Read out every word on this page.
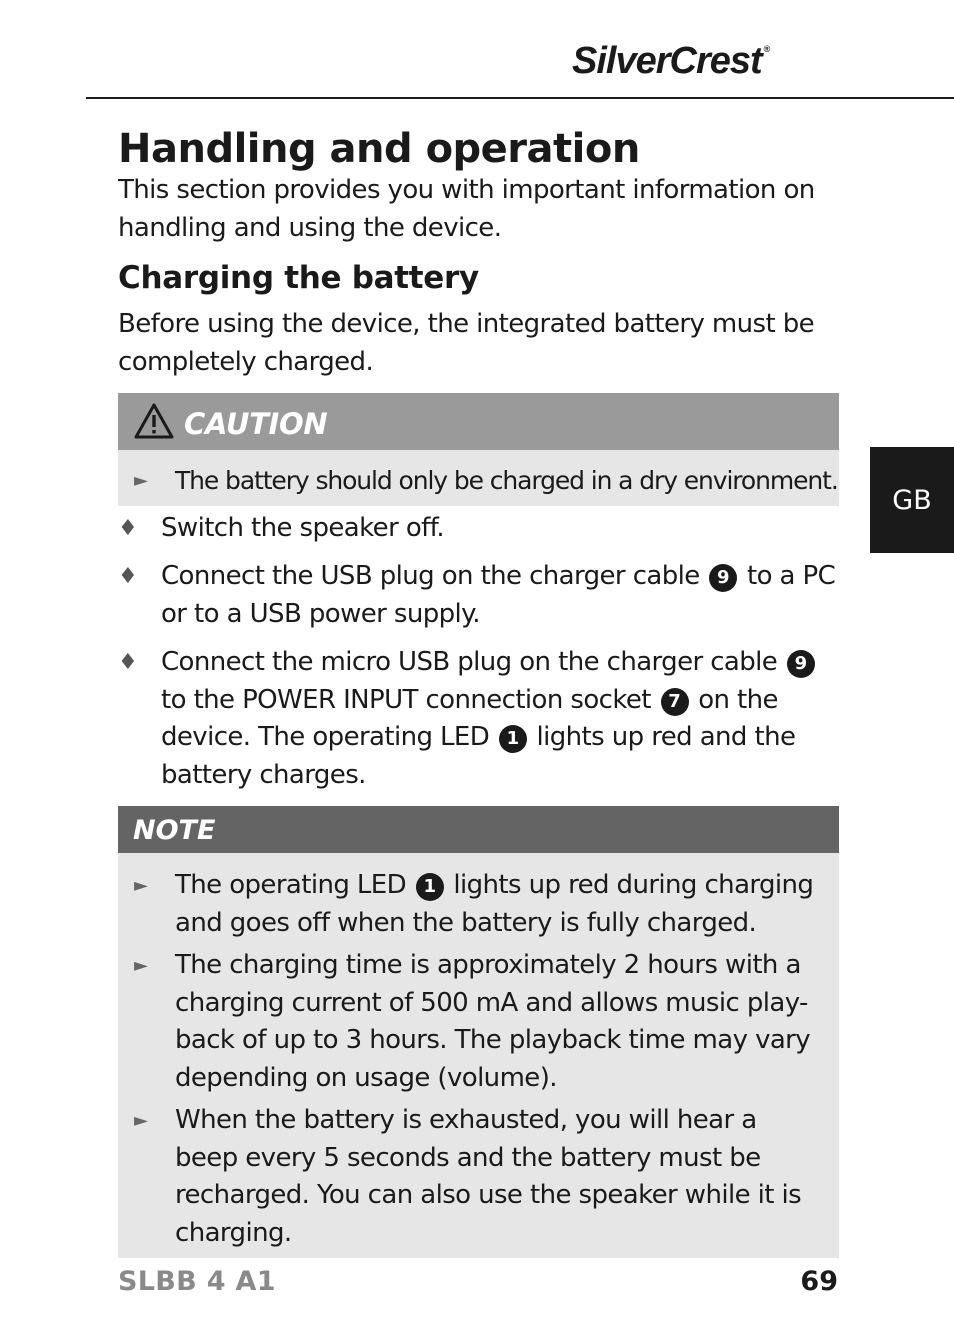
SilverCrest ®
GB
Handling and operation

This section provides you with important information on handling and using the device.

Charging the battery

Before using the device, the integrated battery must be completely charged.

CAUTION
► The battery should only be charged in a dry environment.
♦ Switch the speaker off.
♦ Connect the USB plug on the charger cable 9 to a PC or to a USB power supply.
♦ Connect the micro USB plug on the charger cable 9 to the POWER INPUT connection socket 7 on the device. The operating LED 1 lights up red and the battery charges.
NOTE
► The operating LED 1 lights up red during charging and goes off when the battery is fully charged.
► The charging time is approximately 2 hours with a charging current of 500 mA and allows music play-back of up to 3 hours. The playback time may vary depending on usage (volume).
► When the battery is exhausted, you will hear a beep every 5 seconds and the battery must be recharged. You can also use the speaker while it is charging.
SLBB 4 A1	69
